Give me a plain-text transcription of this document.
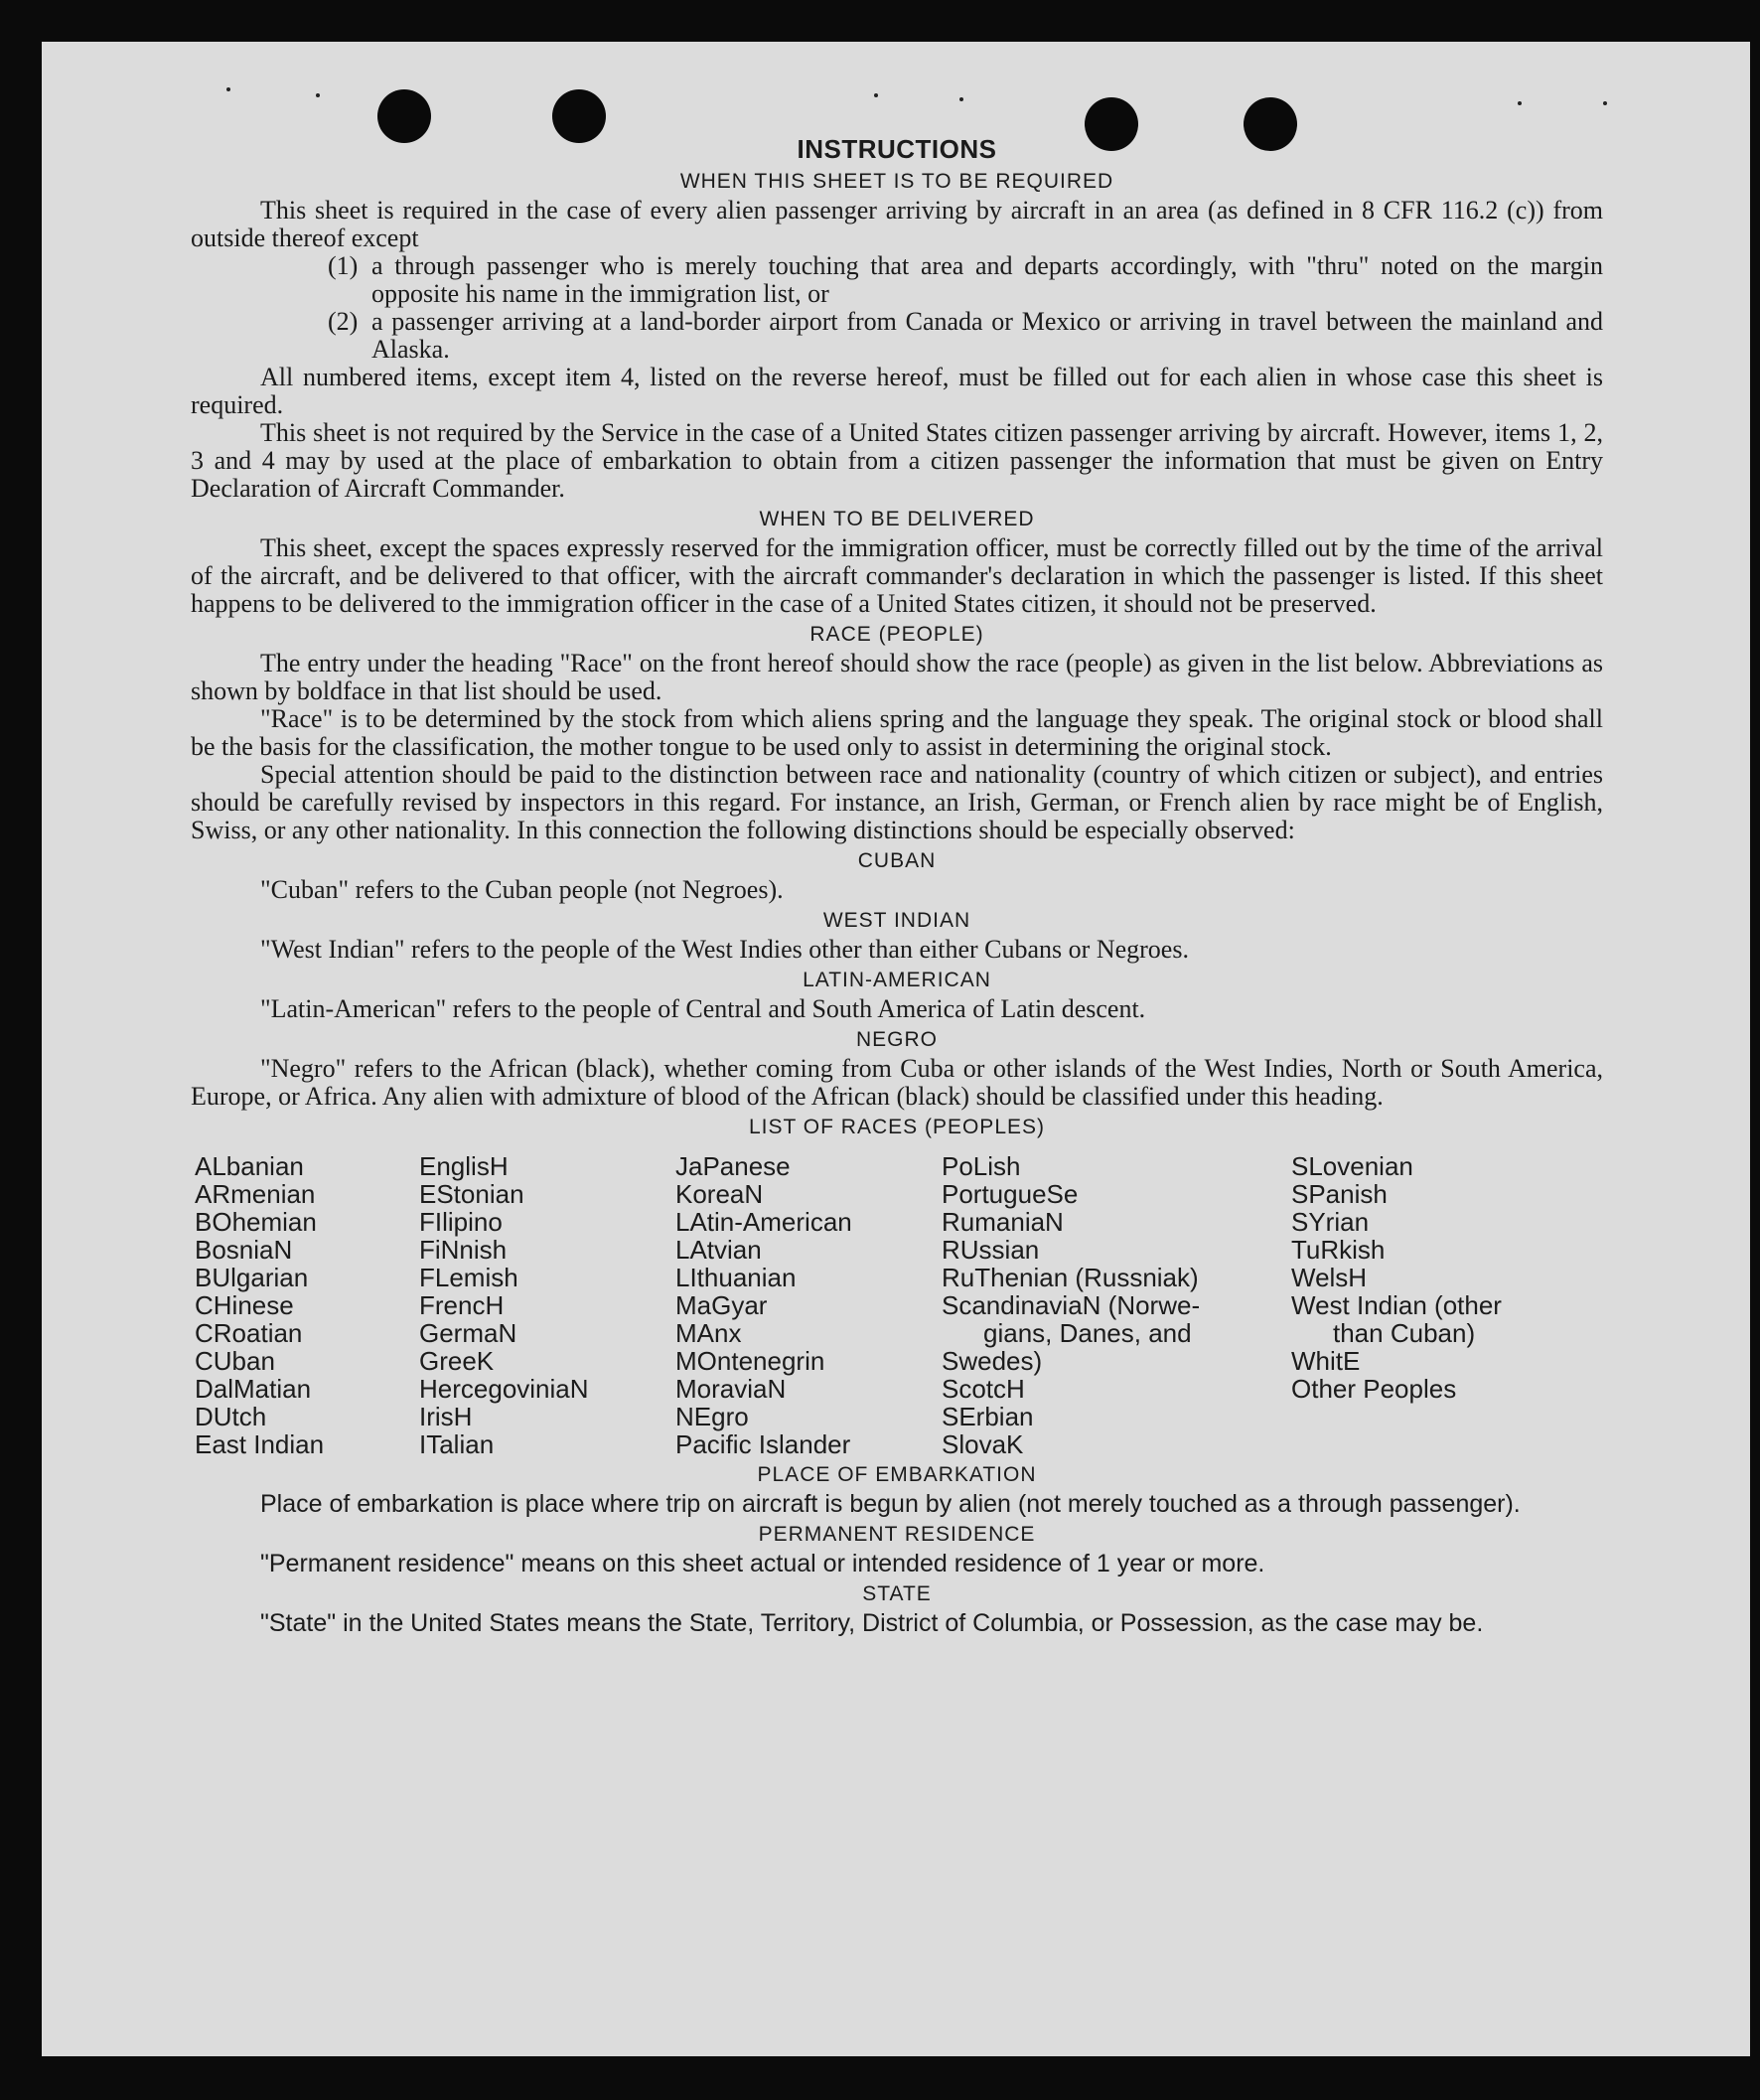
INSTRUCTIONS
WHEN THIS SHEET IS TO BE REQUIRED

This sheet is required in the case of every alien passenger arriving by aircraft in an area (as defined in 8 CFR 116.2 (c)) from outside thereof except

(1) a through passenger who is merely touching that area and departs accordingly, with "thru" noted on the margin opposite his name in the immigration list, or
(2) a passenger arriving at a land-border airport from Canada or Mexico or arriving in travel between the mainland and Alaska.

All numbered items, except item 4, listed on the reverse hereof, must be filled out for each alien in whose case this sheet is required.

This sheet is not required by the Service in the case of a United States citizen passenger arriving by aircraft. However, items 1, 2, 3 and 4 may by used at the place of embarkation to obtain from a citizen passenger the information that must be given on Entry Declaration of Aircraft Commander.

WHEN TO BE DELIVERED

This sheet, except the spaces expressly reserved for the immigration officer, must be correctly filled out by the time of the arrival of the aircraft, and be delivered to that officer, with the aircraft commander's declaration in which the passenger is listed. If this sheet happens to be delivered to the immigration officer in the case of a United States citizen, it should not be preserved.

RACE (PEOPLE)

The entry under the heading "Race" on the front hereof should show the race (people) as given in the list below. Abbreviations as shown by boldface in that list should be used.

"Race" is to be determined by the stock from which aliens spring and the language they speak. The original stock or blood shall be the basis for the classification, the mother tongue to be used only to assist in determining the original stock.

Special attention should be paid to the distinction between race and nationality (country of which citizen or subject), and entries should be carefully revised by inspectors in this regard. For instance, an Irish, German, or French alien by race might be of English, Swiss, or any other nationality. In this connection the following distinctions should be especially observed:

CUBAN

"Cuban" refers to the Cuban people (not Negroes).

WEST INDIAN

"West Indian" refers to the people of the West Indies other than either Cubans or Negroes.

LATIN-AMERICAN

"Latin-American" refers to the people of Central and South America of Latin descent.

NEGRO

"Negro" refers to the African (black), whether coming from Cuba or other islands of the West Indies, North or South America, Europe, or Africa. Any alien with admixture of blood of the African (black) should be classified under this heading.

LIST OF RACES (PEOPLES)
ALbanian
ARmenian
BOhemian
BosniaN
BUlgarian
CHinese
CRoatian
CUban
DalMatian
DUtch
East Indian
EnglisH
EStonian
FIlipino
FiNnish
FLemish
FrencH
GermaN
GreeK
HercegoviniaN
IrisH
ITalian
JaPanese
KoreaN
LAtin-American
LAtvian
LIthuanian
MaGyar
MAnx
MOntenegrin
MoraviaN
NEgro
Pacific Islander
PoLish
PortugueSe
RumaniaN
RUssian
RuThenian (Russniak)
ScandinaviaN (Norwe-
gians, Danes, and
Swedes)
ScotcH
SErbian
SlovaK
SLovenian
SPanish
SYrian
TuRkish
WelsH
West Indian (other
than Cuban)
WhitE
Other Peoples
PLACE OF EMBARKATION

Place of embarkation is place where trip on aircraft is begun by alien (not merely touched as a through passenger).

PERMANENT RESIDENCE

"Permanent residence" means on this sheet actual or intended residence of 1 year or more.

STATE

"State" in the United States means the State, Territory, District of Columbia, or Possession, as the case may be.
